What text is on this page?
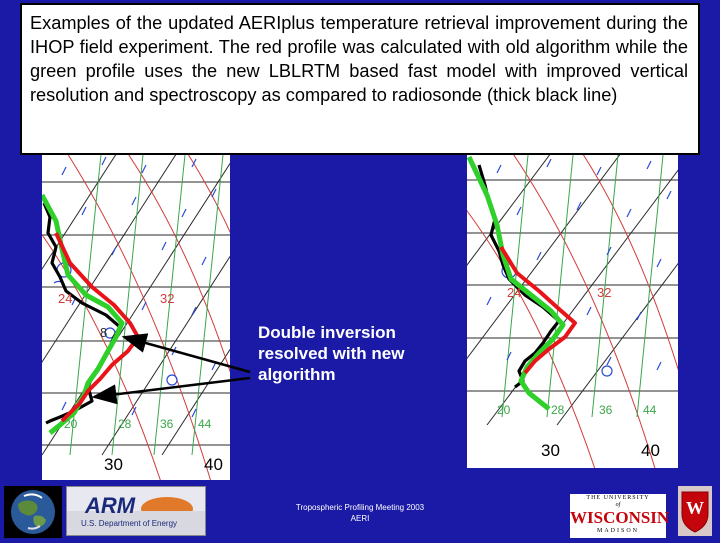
Examples of the updated AERIplus temperature retrieval improvement during the IHOP field experiment. The red profile was calculated with old algorithm while the green profile uses the new LBLRTM based fast model with improved vertical resolution and spectroscopy as compared to radiosonde (thick black line)
24	32
8
20	28 36 44
30	40
24	32
20	28	36	44
30	40
Double inversion resolved with new algorithm
ARM
U.S. Department of Energy
Tropospheric Profiling Meeting 2003
AERI
THE UNIVERSITY
of
WISCONSIN
MADISON
W
